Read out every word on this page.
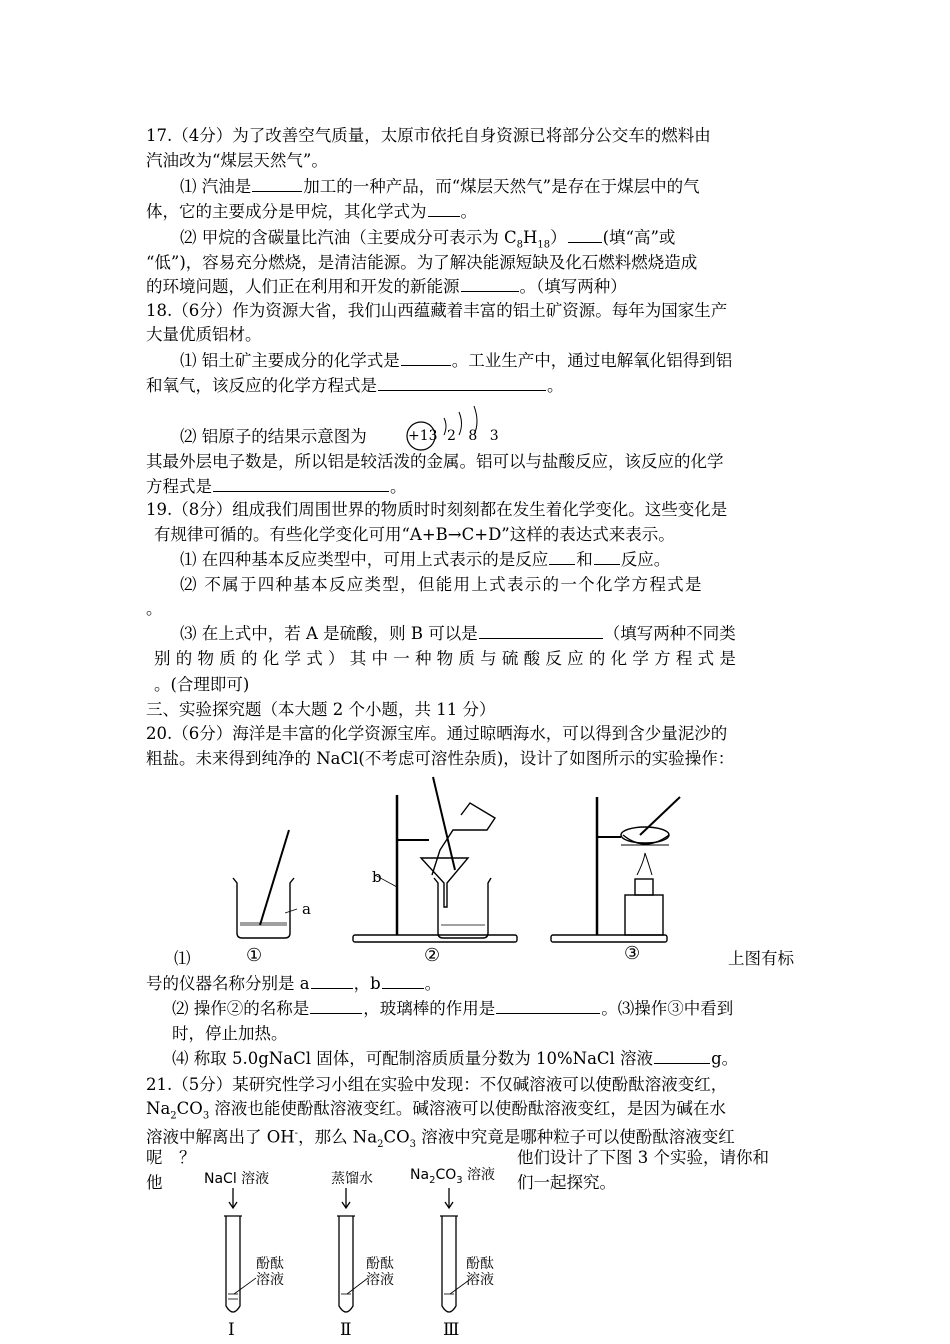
17.（4分）为了改善空气质量，太原市依托自身资源已将部分公交车的燃料由
汽油改为“煤层天然气”。
⑴ 汽油是	加工的一种产品，而“煤层天然气”是存在于煤层中的气
体，它的主要成分是甲烷，其化学式为 。
⑵ 甲烷的含碳量比汽油（主要成分可表示为 $C_8H_{18}$） (填“高”或
“低”)，容易充分燃烧，是清洁能源。为了解决能源短缺及化石燃料燃烧造成
的环境问题，人们正在利用和开发的新能源	。（填写两种）
18.（6分）作为资源大省，我们山西蕴藏着丰富的铝土矿资源。每年为国家生产
大量优质铝材。
⑴ 铝土矿主要成分的化学式是	。工业生产中，通过电解氧化铝得到铝
和氧气，该反应的化学方程式是	。
⑵ 铝原子的结果示意图为	+13 2 8 3
其最外层电子数是，所以铝是较活泼的金属。铝可以与盐酸反应，该反应的化学
方程式是	。
19.（8分）组成我们周围世界的物质时时刻刻都在发生着化学变化。这些变化是
有规律可循的。有些化学变化可用“A+B→C+D”这样的表达式来表示。
⑴ 在四种基本反应类型中，可用上式表示的是反应 和 反应。
⑵ 不属于四种基本反应类型，但能用上式表示的一个化学方程式是
。
⑶ 在上式中，若 A 是硫酸，则 B 可以是	（填写两种不同类
别 的 物 质 的 化 学 式 ） 其 中 一 种 物 质 与 硫 酸 反 应 的 化 学 方 程 式 是
。(合理即可)
三、实验探究题（本大题 2 个小题，共 11 分）
20.（6分）海洋是丰富的化学资源宝库。通过晾晒海水，可以得到含少量泥沙的
粗盐。未来得到纯净的 NaCl(不考虑可溶性杂质)，设计了如图所示的实验操作：
a
b
①	②	③
⑴	上图有标
号的仪器名称分别是 a	，b	。
⑵ 操作②的名称是	，玻璃棒的作用是	。⑶操作③中看到
时，停止加热。
⑷ 称取 5.0gNaCl 固体，可配制溶质质量分数为 10%NaCl 溶液	g。
21.（5分）某研究性学习小组在实验中发现：不仅碱溶液可以使酚酞溶液变红，
$Na_2CO_3$ 溶液也能使酚酞溶液变红。碱溶液可以使酚酞溶液变红，是因为碱在水
溶液中解离出了 OH-，那么 $Na_2CO_3$ 溶液中究竟是哪种粒子可以使酚酞溶液变红
呢　？	他们设计了下图 3 个实验，请你和
他	们一起探究。
NaCl 溶液	蒸馏水	$Na_2CO_3$ 溶液
酚酞
溶液
酚酞
溶液
酚酞
溶液
Ⅰ	Ⅱ	Ⅲ
